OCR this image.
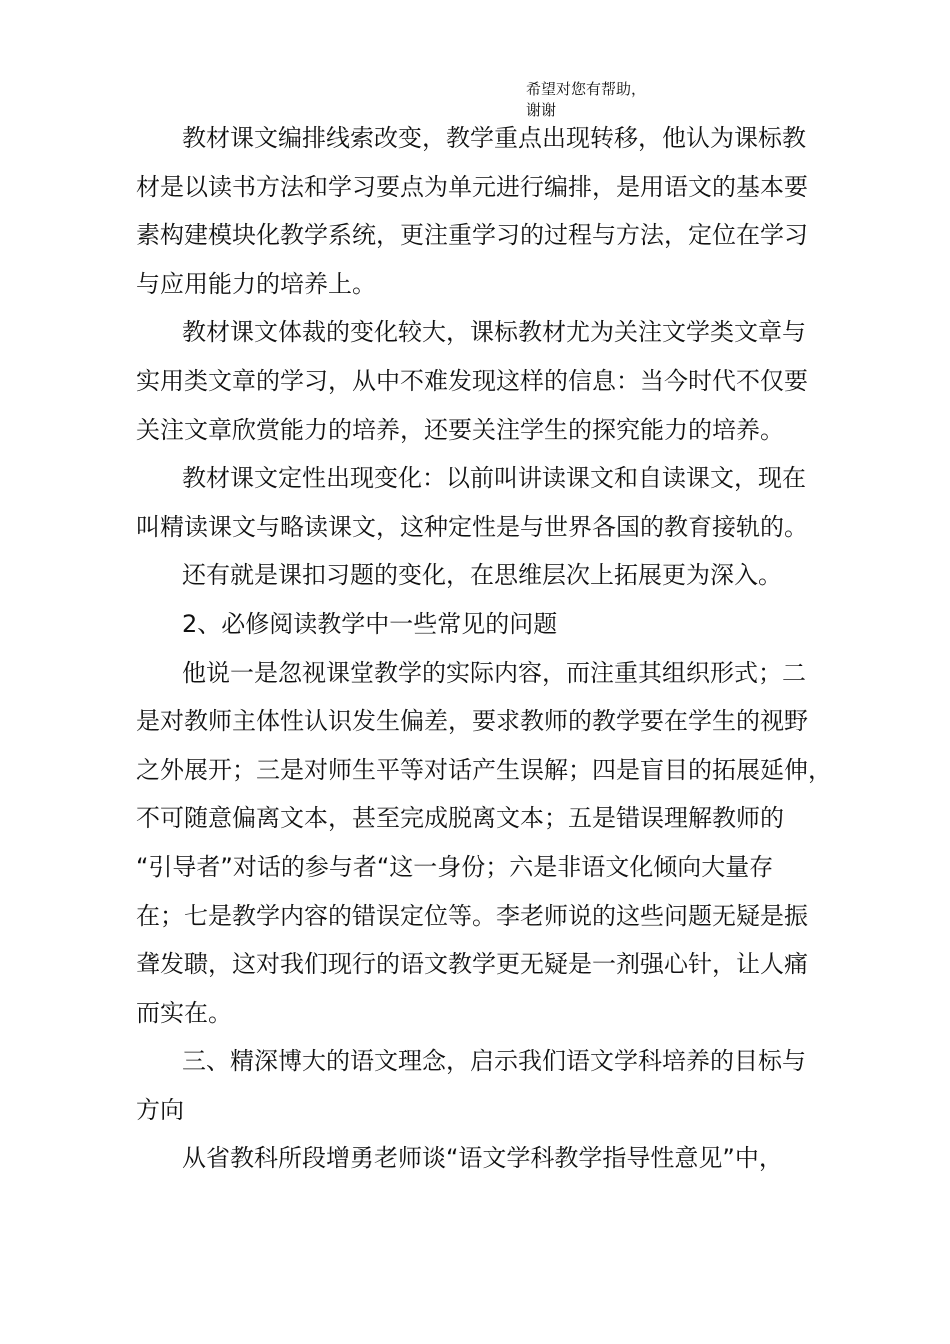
希望对您有帮助，
谢谢
教材课文编排线索改变，教学重点出现转移，他认为课标教
材是以读书方法和学习要点为单元进行编排，是用语文的基本要
素构建模块化教学系统，更注重学习的过程与方法，定位在学习
与应用能力的培养上。
教材课文体裁的变化较大，课标教材尤为关注文学类文章与
实用类文章的学习，从中不难发现这样的信息：当今时代不仅要
关注文章欣赏能力的培养，还要关注学生的探究能力的培养。
教材课文定性出现变化：以前叫讲读课文和自读课文，现在
叫精读课文与略读课文，这种定性是与世界各国的教育接轨的。
还有就是课扣习题的变化，在思维层次上拓展更为深入。
2、必修阅读教学中一些常见的问题
他说一是忽视课堂教学的实际内容，而注重其组织形式；二
是对教师主体性认识发生偏差，要求教师的教学要在学生的视野
之外展开；三是对师生平等对话产生误解；四是盲目的拓展延伸，
不可随意偏离文本，甚至完成脱离文本；五是错误理解教师的
“引导者”对话的参与者“这一身份；六是非语文化倾向大量存
在；七是教学内容的错误定位等。李老师说的这些问题无疑是振
聋发聩，这对我们现行的语文教学更无疑是一剂强心针，让人痛
而实在。
三、精深博大的语文理念，启示我们语文学科培养的目标与
方向
从省教科所段增勇老师谈“语文学科教学指导性意见”中，
